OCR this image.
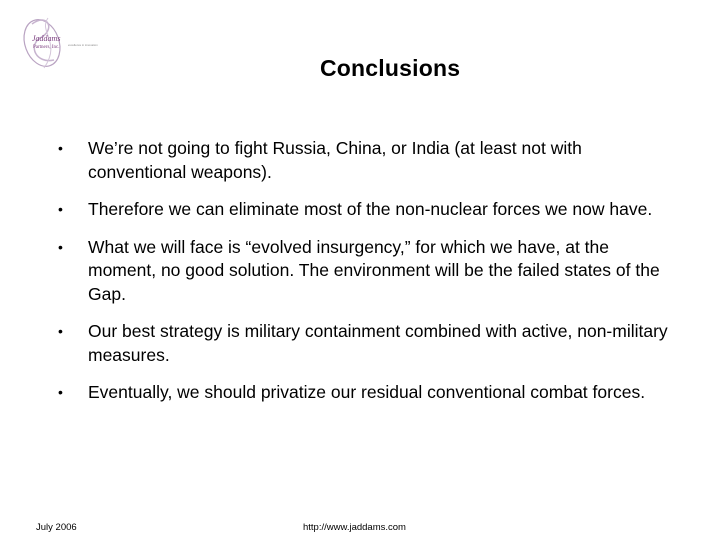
Jaddams
Partners, Inc.	excellence in innovation
Conclusions
• We’re not going to fight Russia, China, or India (at least not with conventional weapons).
• Therefore we can eliminate most of the non-nuclear forces we now have.
• What we will face is “evolved insurgency,” for which we have, at the moment, no good solution. The environment will be the failed states of the Gap.
• Our best strategy is military containment combined with active, non-military measures.
• Eventually, we should privatize our residual conventional combat forces.
July 2006	http://www.jaddams.com
